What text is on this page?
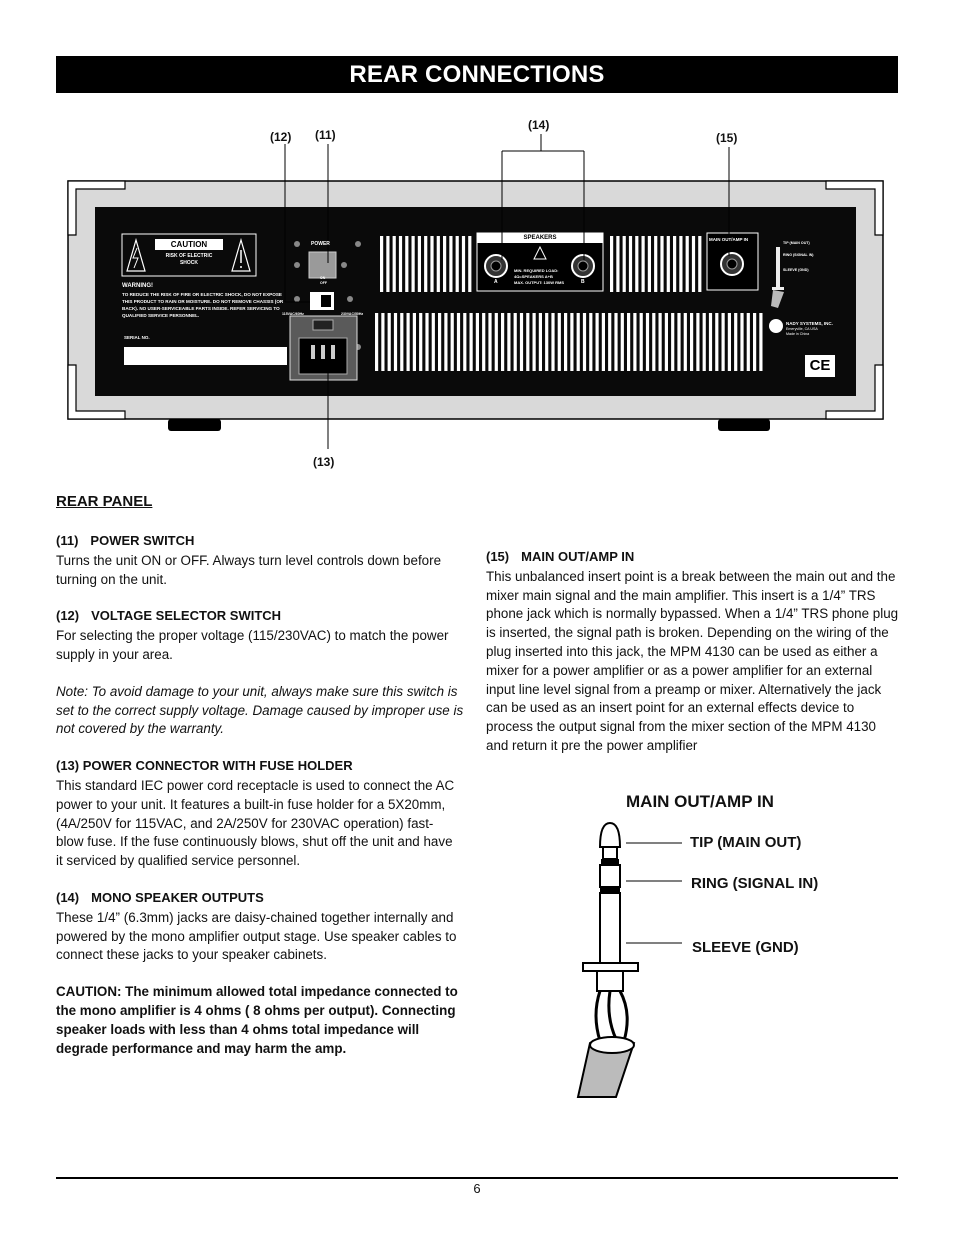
REAR CONNECTIONS
CAUTION
RISK OF ELECTRIC SHOCK
WARNING!
TO REDUCE THE RISK OF FIRE OR ELECTRIC SHOCK, DO NOT EXPOSE THIS PRODUCT TO RAIN OR MOISTURE. DO NOT REMOVE CHASSIS (OR BACK). NO USER-SERVICEABLE PARTS INSIDE. REFER SERVICING TO QUALIFIED SERVICE PERSONNEL.
SERIAL NO.
POWER
ON
OFF
115VAC/60Hz	230VAC/50Hz
SPEAKERS
MIN. REQUIRED LOAD:
4Ω=SPEAKERS A+B
MAX. OUTPUT: 130W RMS
A	B
MAIN OUT/AMP IN
TIP (MAIN OUT)
RING (SIGNAL IN)
SLEEVE (GND)
NADY SYSTEMS, INC.
Emeryville, CA USA
Made in China
CE
(12) (11)
(14)
(15)
(13)
REAR PANEL
(11) POWER SWITCH

Turns the unit ON or OFF. Always turn level controls down before turning on the unit.

(12) VOLTAGE SELECTOR SWITCH

For selecting the proper voltage (115/230VAC) to match the power supply in your area.

Note: To avoid damage to your unit, always make sure this switch is set to the correct supply voltage. Damage caused by improper use is not covered by the warranty.

(13) POWER CONNECTOR WITH FUSE HOLDER

This standard IEC power cord receptacle is used to connect the AC power to your unit. It features a built-in fuse holder for a 5X20mm, (4A/250V for 115VAC, and 2A/250V for 230VAC operation) fast-blow fuse. If the fuse continuously blows, shut off the unit and have it serviced by qualified service personnel.

(14) MONO SPEAKER OUTPUTS

These 1/4” (6.3mm) jacks are daisy-chained together internally and powered by the mono amplifier output stage. Use speaker cables to connect these jacks to your speaker cabinets.

CAUTION: The minimum allowed total impedance connected to the mono amplifier is 4 ohms ( 8 ohms per output). Connecting speaker loads with less than 4 ohms total impedance will degrade performance and may harm the amp.

(15) MAIN OUT/AMP IN

This unbalanced insert point is a break between the main out and the mixer main signal and the main amplifier. This insert is a 1/4” TRS phone jack which is normally bypassed. When a 1/4” TRS phone plug is inserted, the signal path is broken. Depending on the wiring of the plug inserted into this jack, the MPM 4130 can be used as either a mixer for a power amplifier or as a power amplifier for an external input line level signal from a preamp or mixer. Alternatively the jack can be used as an insert point for an external effects device to process the output signal from the mixer section of the MPM 4130 and return it pre the power amplifier

MAIN OUT/AMP IN
TIP (MAIN OUT)
RING (SIGNAL IN)
SLEEVE (GND)
6
